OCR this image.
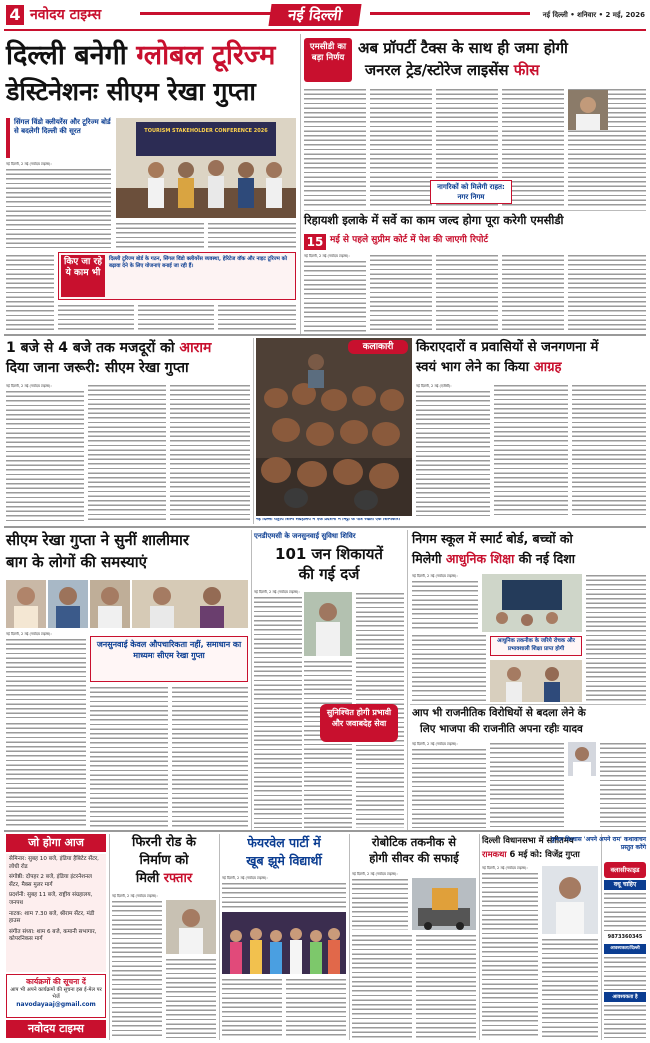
4 नवोदय टाइम्स	नई दिल्ली	नई दिल्ली • शनिवार • 2 मई, 2026
दिल्ली बनेगी ग्लोबल टूरिज्म
डेस्टिनेशनः सीएम रेखा गुप्ता
सिंगल विंडो क्लीयरेंस और टूरिज्म बोर्ड से बदलेगी दिल्ली की सूरत
नई दिल्ली, 2 मई (नवोदय टाइम्स):
TOURISM STAKEHOLDER CONFERENCE 2026
किए जा रहे ये काम भी
दिल्ली टूरिज्म बोर्ड के गठन, सिंगल विंडो क्लीयरेंस व्यवस्था, हेरिटेज वॉक और नाइट टूरिज्म को बढ़ावा देने के लिए योजनाएं बनाई जा रही हैं।
एमसीडी का बड़ा निर्णय
अब प्रॉपर्टी टैक्स के साथ ही जमा होगी
जनरल ट्रेड/स्टोरेज लाइसेंस फीस
नागरिकों को मिलेगी राहत: नगर निगम
रिहायशी इलाके में सर्वे का काम जल्द होगा पूरा करेगी एमसीडी
15 मई से पहले सुप्रीम कोर्ट में पेश की जाएगी रिपोर्ट
नई दिल्ली, 2 मई (नवोदय टाइम्स):
1 बजे से 4 बजे तक मजदूरों को आराम
दिया जाना जरूरी: सीएम रेखा गुप्ता
नई दिल्ली, 2 मई (नवोदय टाइम्स):
कलाकारी	किराएदारों व प्रवासियों से जनगणना में
स्वयं भाग लेने का किया आग्रह
नई दिल्ली, 2 मई (एजेंसी):
नई दिल्ली राष्ट्रीय शिल्प संग्रहालय में एक प्रदर्शनी में मिट्टी के पात्र रखता एक शिल्पकार।
सीएम रेखा गुप्ता ने सुनीं शालीमार
बाग के लोगों की समस्याएं
नई दिल्ली, 2 मई (नवोदय टाइम्स):
जनसुनवाई केवल औपचारिकता नहीं, समाधान का माध्यमः सीएम रेखा गुप्ता
एनडीएमसी के जनसुनवाई सुविधा शिविर
101 जन शिकायतें
की गई दर्ज
नई दिल्ली, 2 मई (नवोदय टाइम्स):
सुनिश्चित होगी प्रभावी और जवाबदेह सेवा
निगम स्कूल में स्मार्ट बोर्ड, बच्चों को
मिलेगी आधुनिक शिक्षा की नई दिशा
नई दिल्ली, 2 मई (नवोदय टाइम्स):
आधुनिक तकनीक के जरिये रोचक और प्रभावशाली शिक्षा प्राप्त होगी
आप भी राजनीतिक विरोधियों से बदला लेने के
लिए भाजपा की राजनीति अपना रहीः यादव
नई दिल्ली, 2 मई (नवोदय टाइम्स):
जो होगा आज
सेमिनार: सुबह 10 बजे, इंडिया हैबिटेट सेंटर, लोधी रोड
संगोष्ठी: दोपहर 2 बजे, इंडिया इंटरनेशनल सेंटर, मैक्स मुलर मार्ग
प्रदर्शनी: सुबह 11 बजे, राष्ट्रीय संग्रहालय, जनपथ
नाटक: शाम 7.30 बजे, श्रीराम सेंटर, मंडी हाउस
संगीत संध्या: शाम 6 बजे, कमानी सभागार, कोपरनिकस मार्ग
कार्यक्रमों की सूचना दें
आप भी अपने कार्यक्रमों की सूचना इस ई-मेल पर भेजें
navodayaaj@gmail.com
नवोदय टाइम्स
फिरनी रोड के
निर्माण को
मिली रफ्तार
नई दिल्ली, 2 मई (नवोदय टाइम्स):
फेयरवेल पार्टी में
खूब झूमे विद्यार्थी
नई दिल्ली, 2 मई (नवोदय टाइम्स):
रोबोटिक तकनीक से
होगी सीवर की सफाई
नई दिल्ली, 2 मई (नवोदय टाइम्स):
दिल्ली विधानसभा में संगीतमय
रामकथा 6 मई को: विजेंद्र गुप्ता
नई दिल्ली, 2 मई (नवोदय टाइम्स):
कुमार विश्वास 'अपने अपने राम' कथावाचन प्रस्तुत करेंगे
क्लासीफाइड
वधू चाहिए
9873360345
आवश्यकता/दिल्ली
आवश्यकता है
